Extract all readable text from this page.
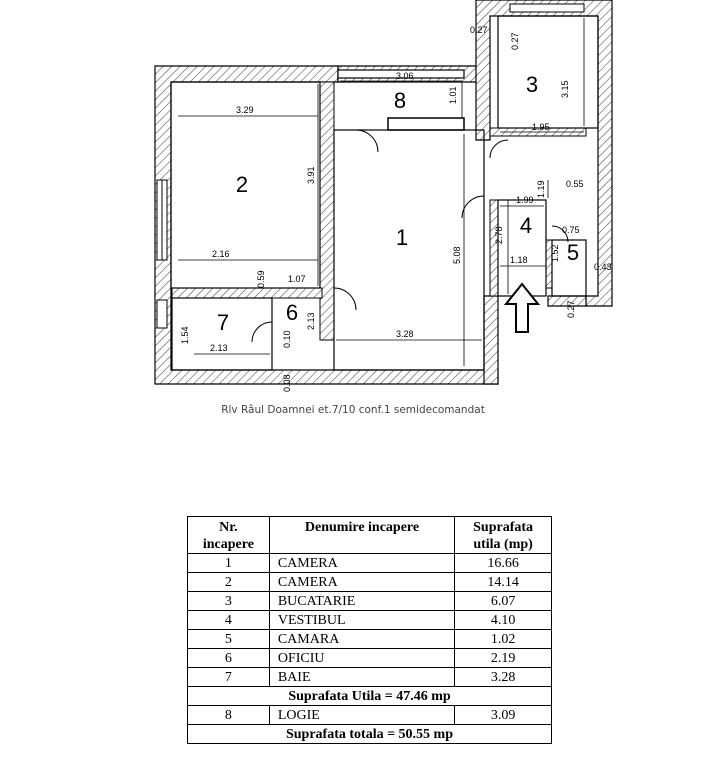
1
2
3
4
5
6
7
8
3.06
3.29
1.95
1.99
0.55
0.75
1.18
0.43
2.16
1.07
3.28
2.13
0.27
1.01
3.91
0.27
3.15
1.19
2.78
5.08	1.52
0.27
0.59
2.13
1.54	0.10
0.08
Rlv Râul Doamnei et.7/10 conf.1 semidecomandat
Nr. incapere	Denumire incapere	Suprafata utila (mp)
1	CAMERA	16.66
2	CAMERA	14.14
3	BUCATARIE	6.07
4	VESTIBUL	4.10
5	CAMARA	1.02
6	OFICIU	2.19
7	BAIE	3.28
Suprafata Utila = 47.46 mp		
8	LOGIE	3.09
Suprafata totala = 50.55 mp		
